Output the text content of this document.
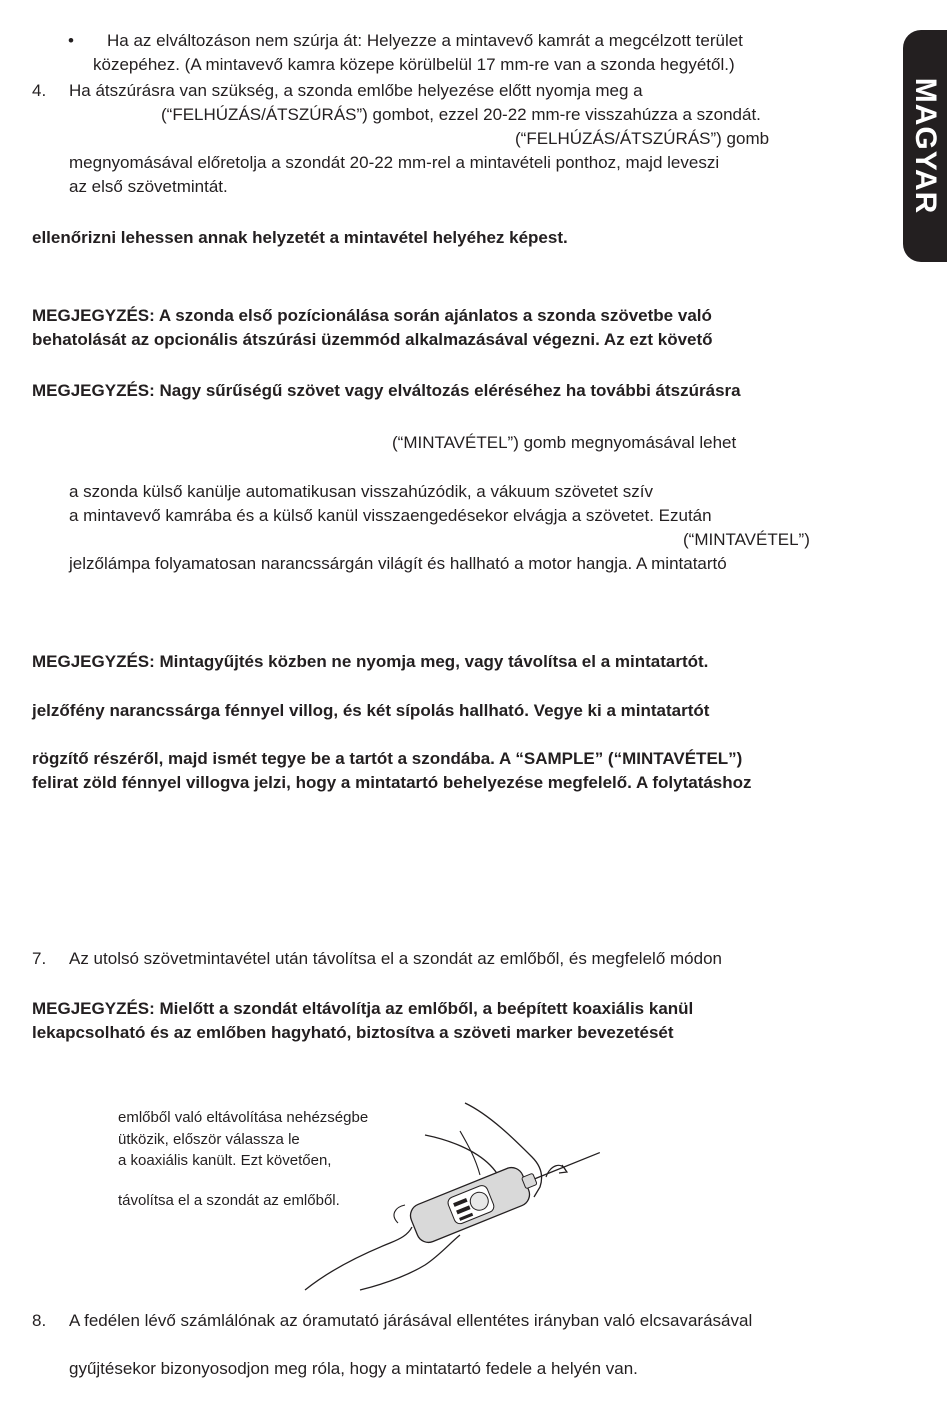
MAGYAR
• Ha az elváltozáson nem szúrja át: Helyezze a mintavevő kamrát a megcélzott terület
közepéhez. (A mintavevő kamra közepe körülbelül 17 mm-re van a szonda hegyétől.)
4. Ha átszúrásra van szükség, a szonda emlőbe helyezése előtt nyomja meg a
(“FELHÚZÁS/ÁTSZÚRÁS”) gombot, ezzel 20-22 mm-re visszahúzza a szondát.
(“FELHÚZÁS/ÁTSZÚRÁS”) gomb
megnyomásával előretolja a szondát 20-22 mm-rel a mintavételi ponthoz, majd leveszi
az első szövetmintát.
ellenőrizni lehessen annak helyzetét a mintavétel helyéhez képest.
MEGJEGYZÉS: A szonda első pozícionálása során ajánlatos a szonda szövetbe való
behatolását az opcionális átszúrási üzemmód alkalmazásával végezni. Az ezt követő
MEGJEGYZÉS: Nagy sűrűségű szövet vagy elváltozás eléréséhez ha további átszúrásra
(“MINTAVÉTEL”) gomb megnyomásával lehet
a szonda külső kanülje automatikusan visszahúzódik, a vákuum szövetet szív
a mintavevő kamrába és a külső kanül visszaengedésekor elvágja a szövetet. Ezután
(“MINTAVÉTEL”)
jelzőlámpa folyamatosan narancssárgán világít és hallható a motor hangja. A mintatartó
MEGJEGYZÉS: Mintagyűjtés közben ne nyomja meg, vagy távolítsa el a mintatartót.
jelzőfény narancssárga fénnyel villog, és két sípolás hallható. Vegye ki a mintatartót
rögzítő részéről, majd ismét tegye be a tartót a szondába. A “SAMPLE” (“MINTAVÉTEL”)
felirat zöld fénnyel villogva jelzi, hogy a mintatartó behelyezése megfelelő. A folytatáshoz
7. Az utolsó szövetmintavétel után távolítsa el a szondát az emlőből, és megfelelő módon
MEGJEGYZÉS: Mielőtt a szondát eltávolítja az emlőből, a beépített koaxiális kanül
lekapcsolható és az emlőben hagyható, biztosítva a szöveti marker bevezetését
emlőből való eltávolítása nehézségbe
ütközik, először válassza le
a koaxiális kanült. Ezt követően,
távolítsa el a szondát az emlőből.
8. A fedélen lévő számlálónak az óramutató járásával ellentétes irányban való elcsavarásával
gyűjtésekor bizonyosodjon meg róla, hogy a mintatartó fedele a helyén van.
